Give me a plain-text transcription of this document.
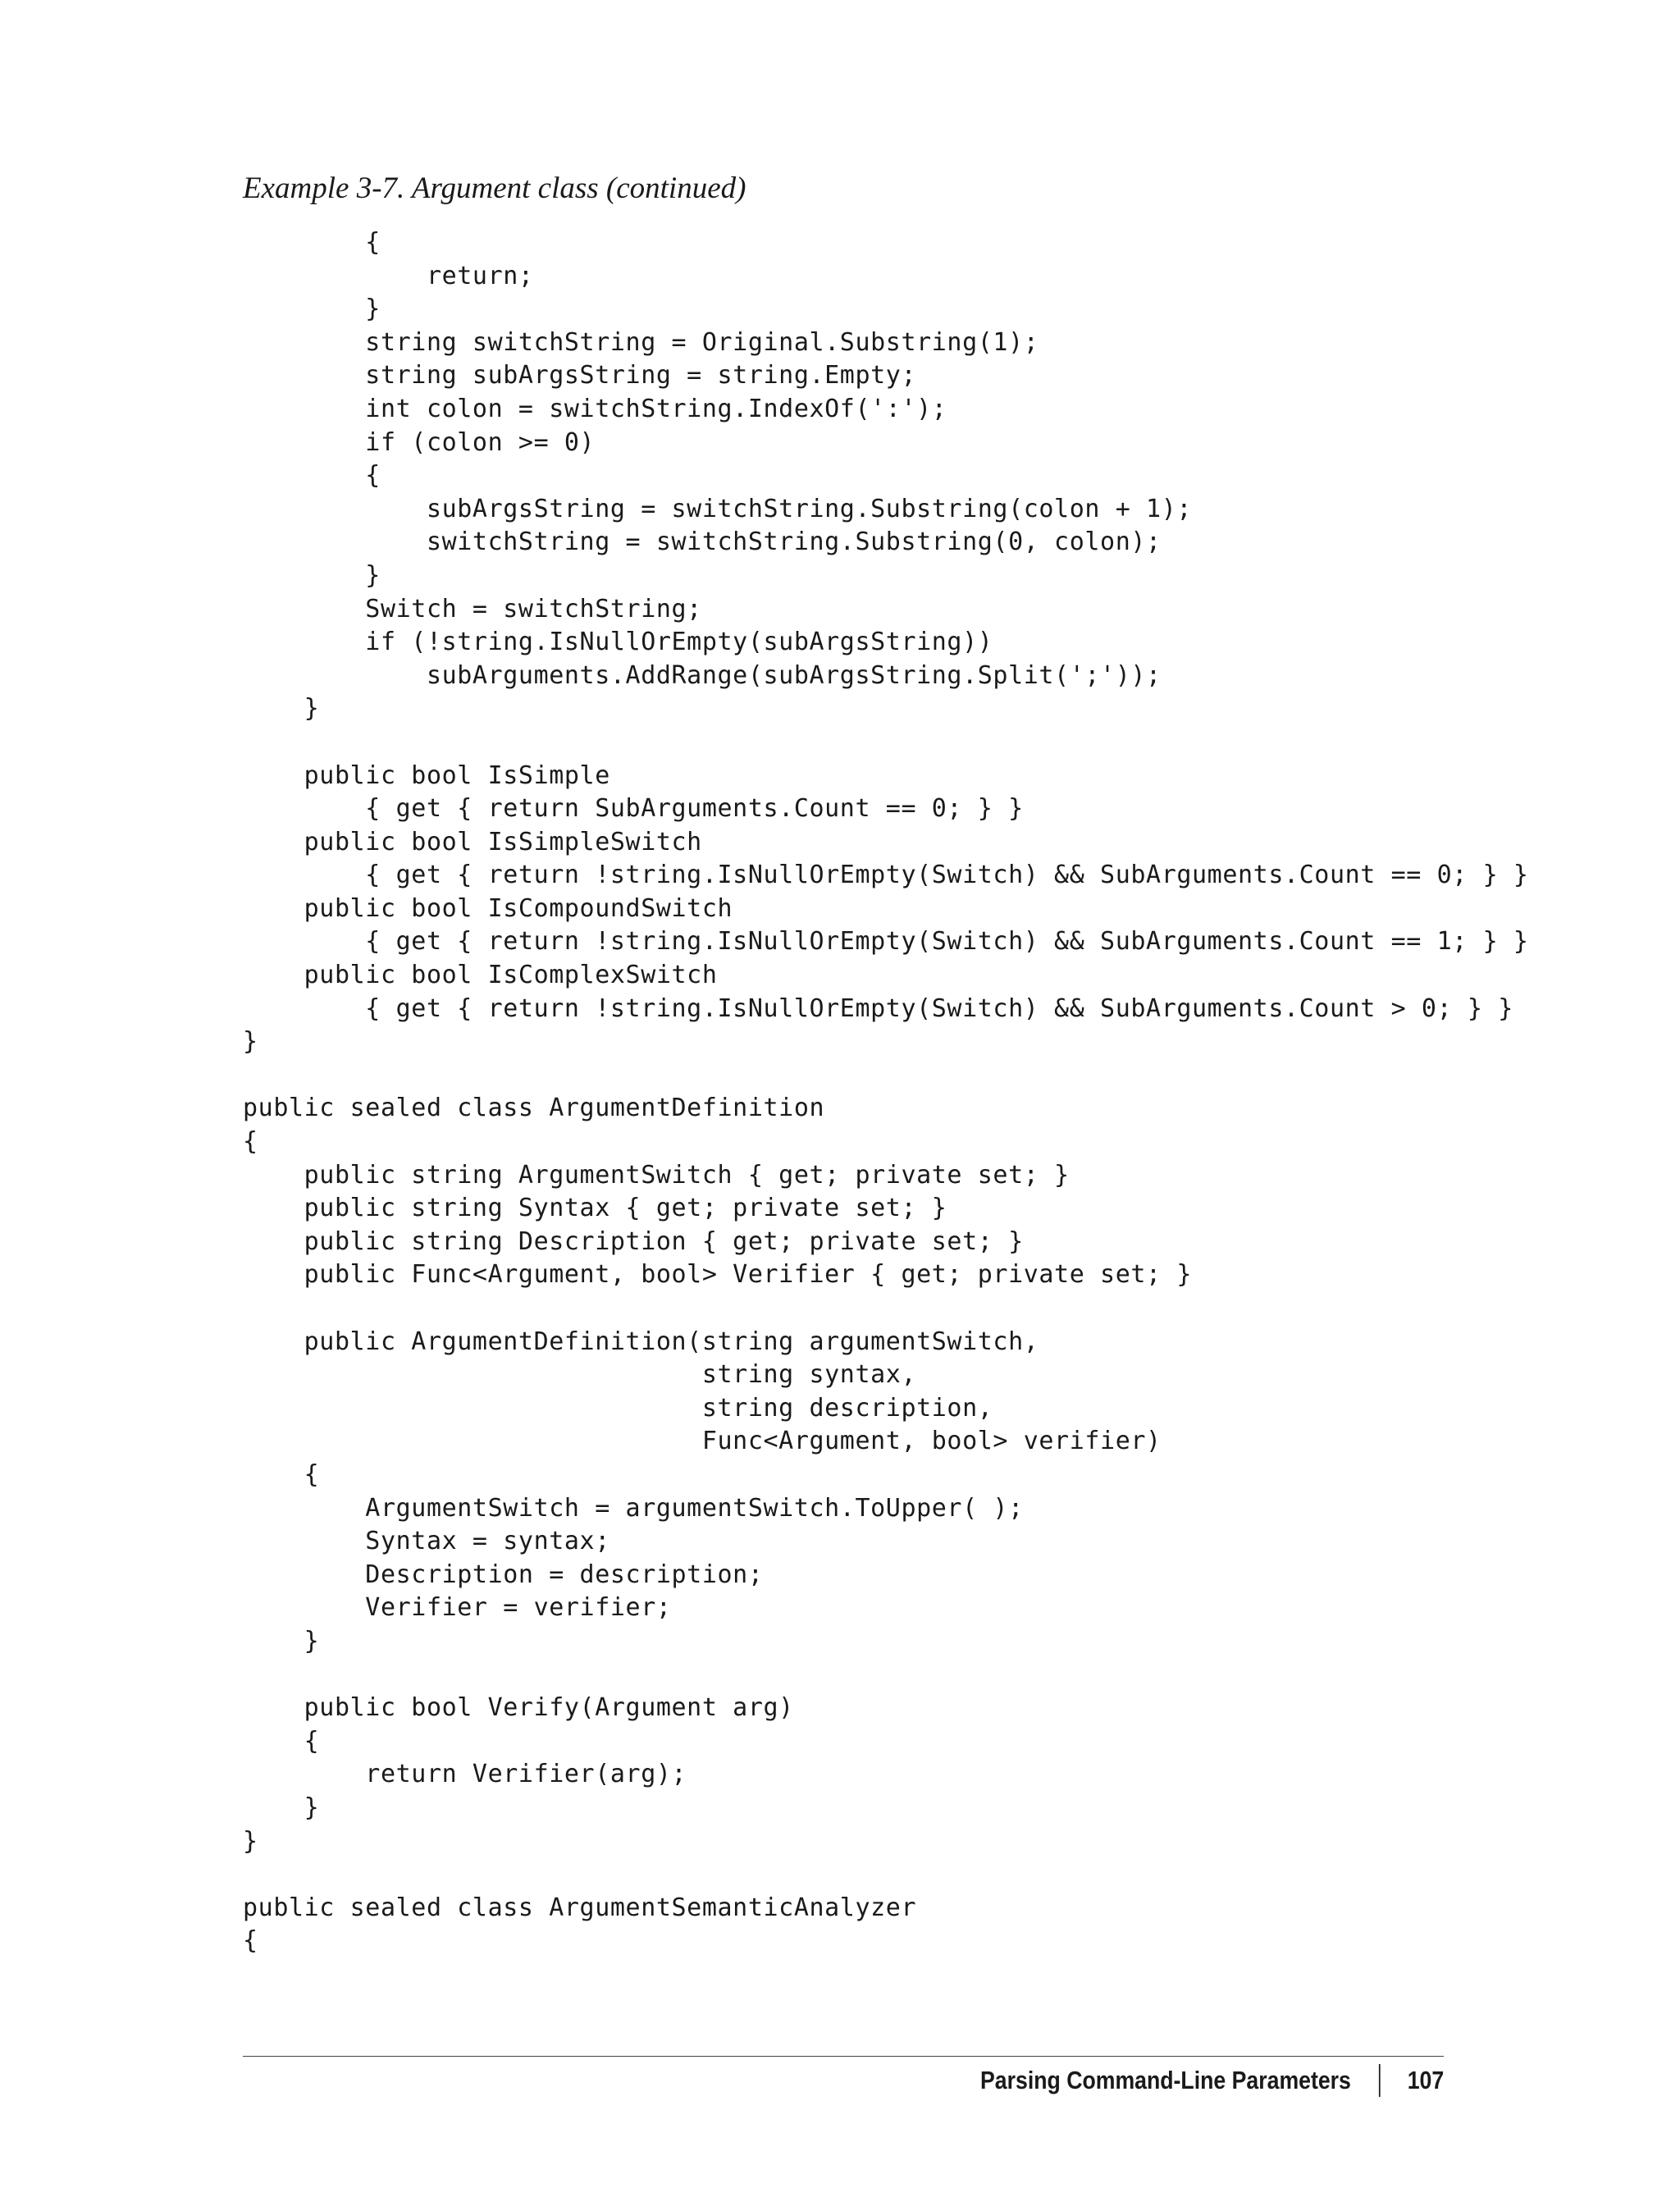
Example 3-7. Argument class (continued)
{
return;
}
string switchString = Original.Substring(1);
string subArgsString = string.Empty;
int colon = switchString.IndexOf(':');
if (colon >= 0)
{
subArgsString = switchString.Substring(colon + 1);
switchString = switchString.Substring(0, colon);
}
Switch = switchString;
if (!string.IsNullOrEmpty(subArgsString))
subArguments.AddRange(subArgsString.Split(';'));
}
public bool IsSimple
{ get { return SubArguments.Count == 0; } }
public bool IsSimpleSwitch
{ get { return !string.IsNullOrEmpty(Switch) && SubArguments.Count == 0; } }
public bool IsCompoundSwitch
{ get { return !string.IsNullOrEmpty(Switch) && SubArguments.Count == 1; } }
public bool IsComplexSwitch
{ get { return !string.IsNullOrEmpty(Switch) && SubArguments.Count > 0; } }
}
public sealed class ArgumentDefinition
{
public string ArgumentSwitch { get; private set; }
public string Syntax { get; private set; }
public string Description { get; private set; }
public Func<Argument, bool> Verifier { get; private set; }
public ArgumentDefinition(string argumentSwitch,
string syntax,
string description,
Func<Argument, bool> verifier)
{
ArgumentSwitch = argumentSwitch.ToUpper( );
Syntax = syntax;
Description = description;
Verifier = verifier;
}
public bool Verify(Argument arg)
{
return Verifier(arg);
}
}
public sealed class ArgumentSemanticAnalyzer
{
Parsing Command-Line Parameters 107
